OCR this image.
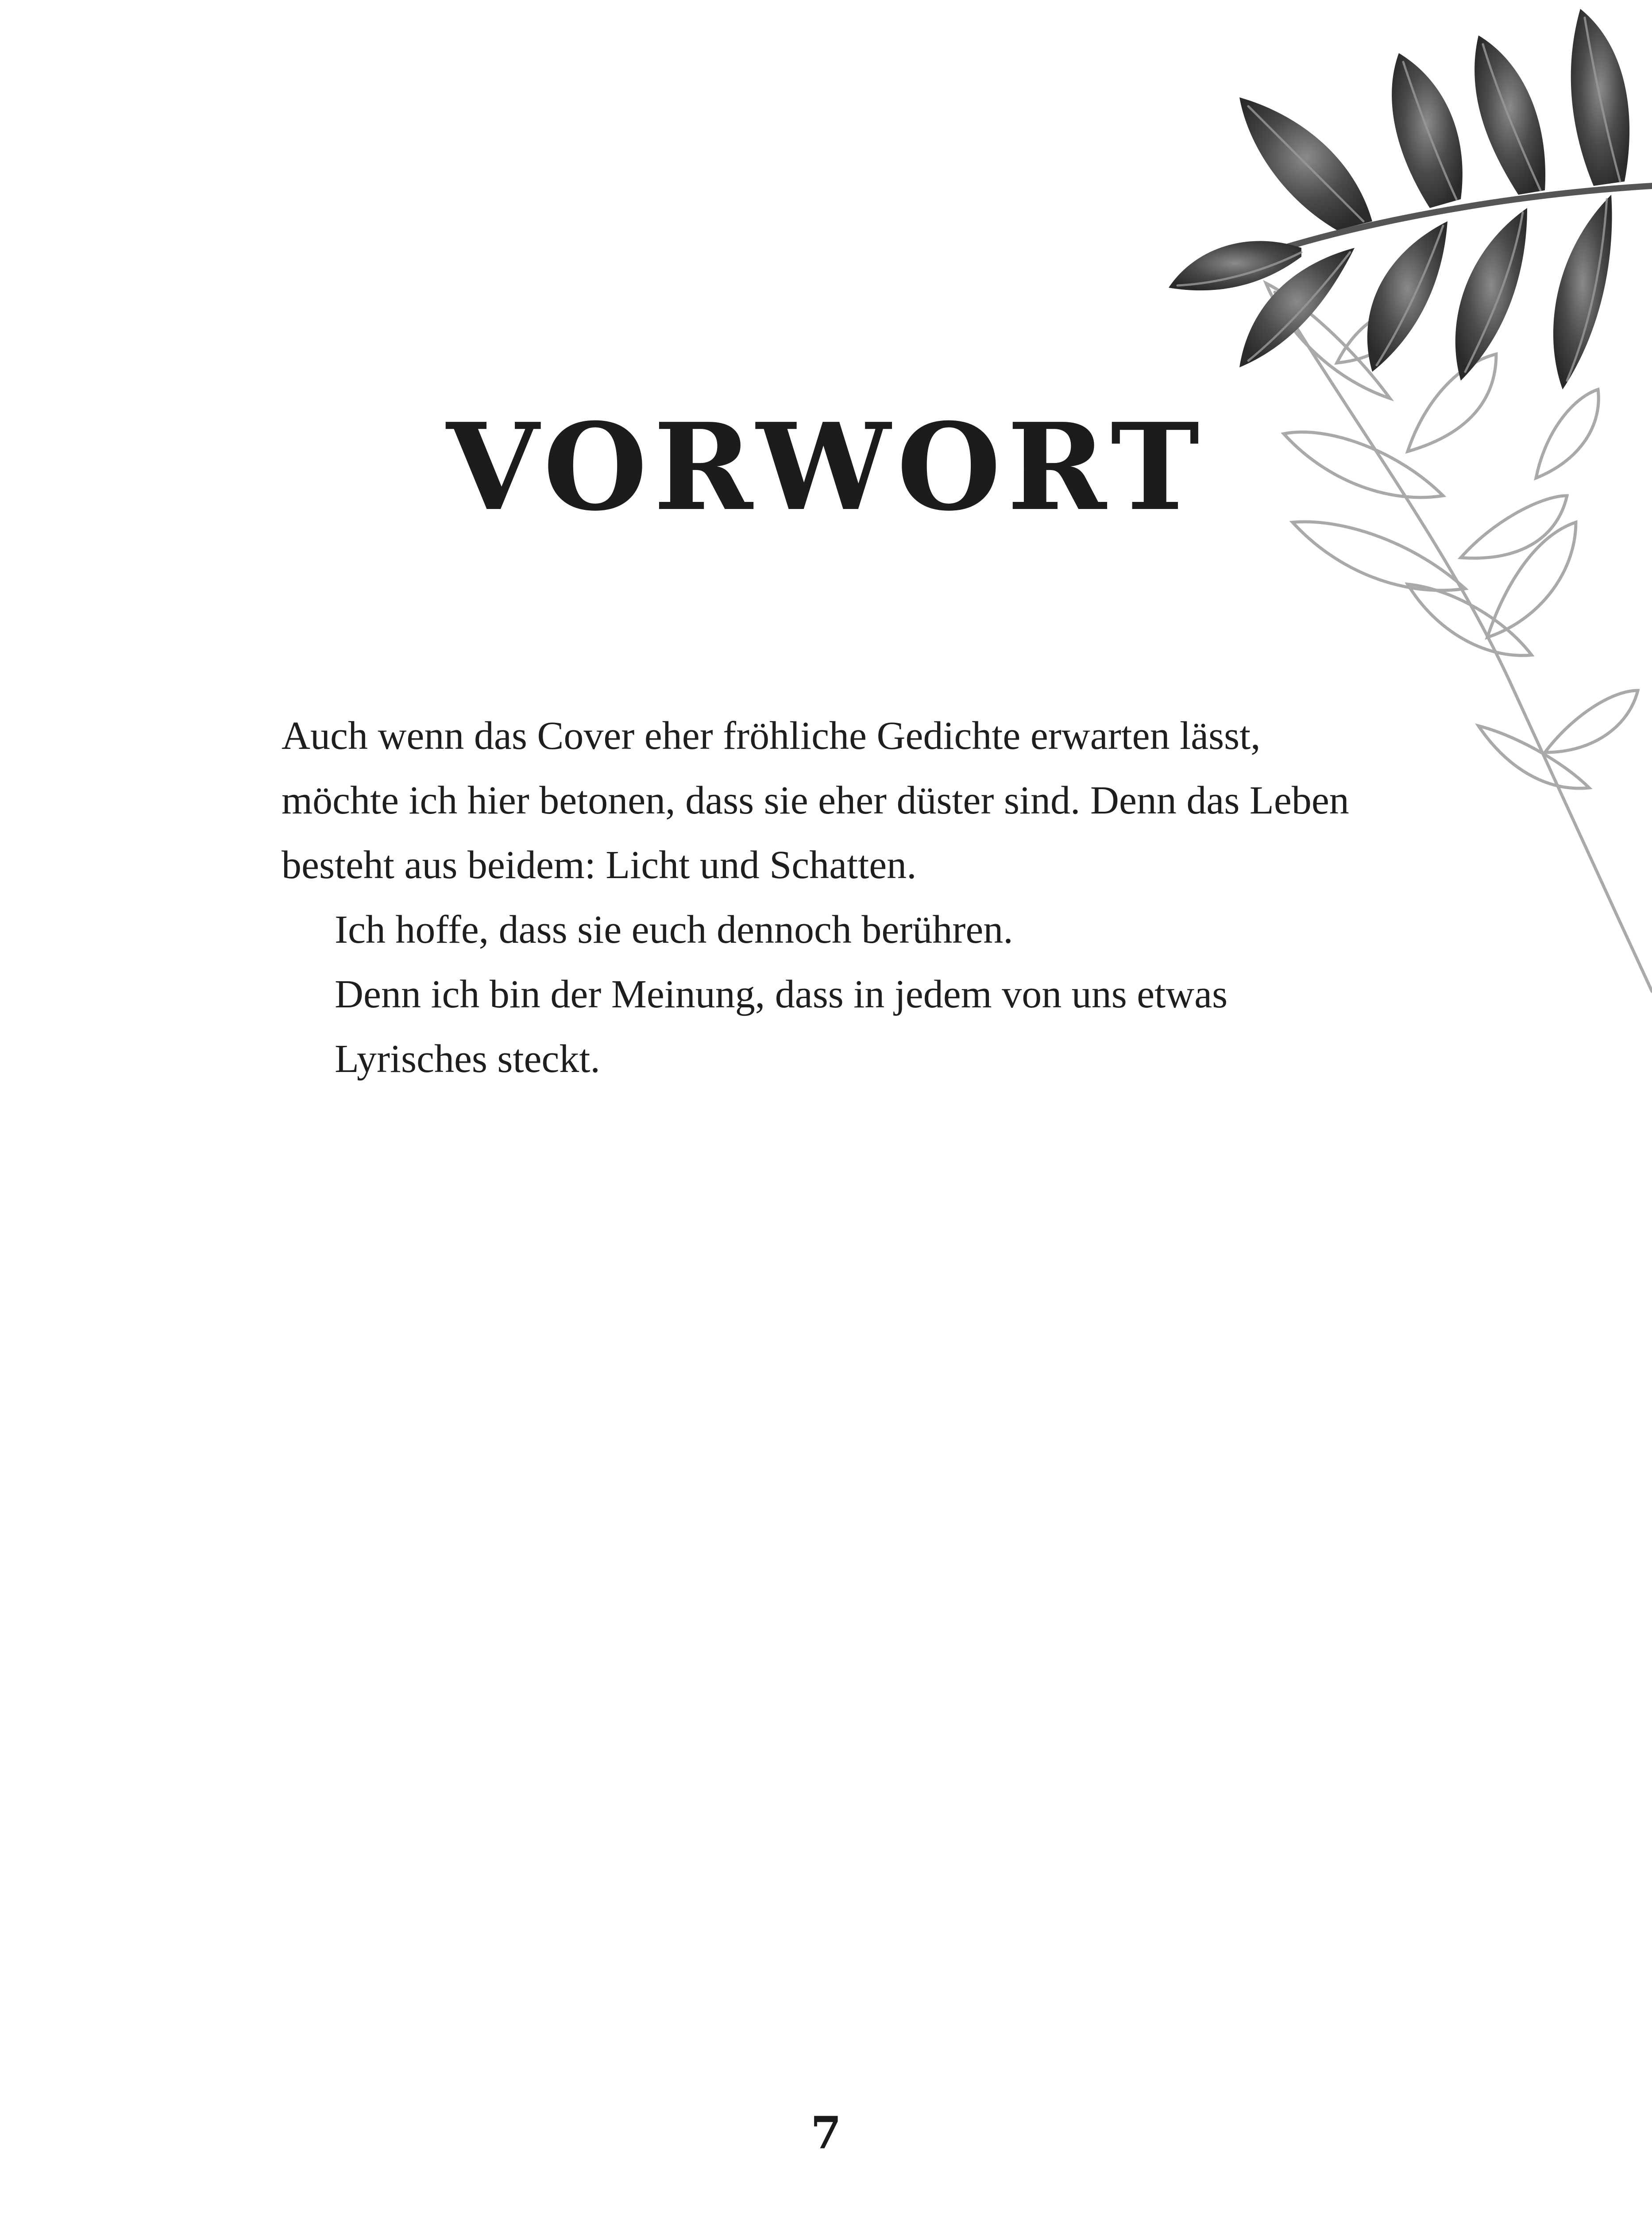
VORWORT

Auch wenn das Cover eher fröhliche Gedichte erwarten lässt, möchte ich hier betonen, dass sie eher düster sind. Denn das Leben besteht aus beidem: Licht und Schatten.

Ich hoffe, dass sie euch dennoch berühren.

Denn ich bin der Meinung, dass in jedem von uns etwas Lyrisches steckt.

7
